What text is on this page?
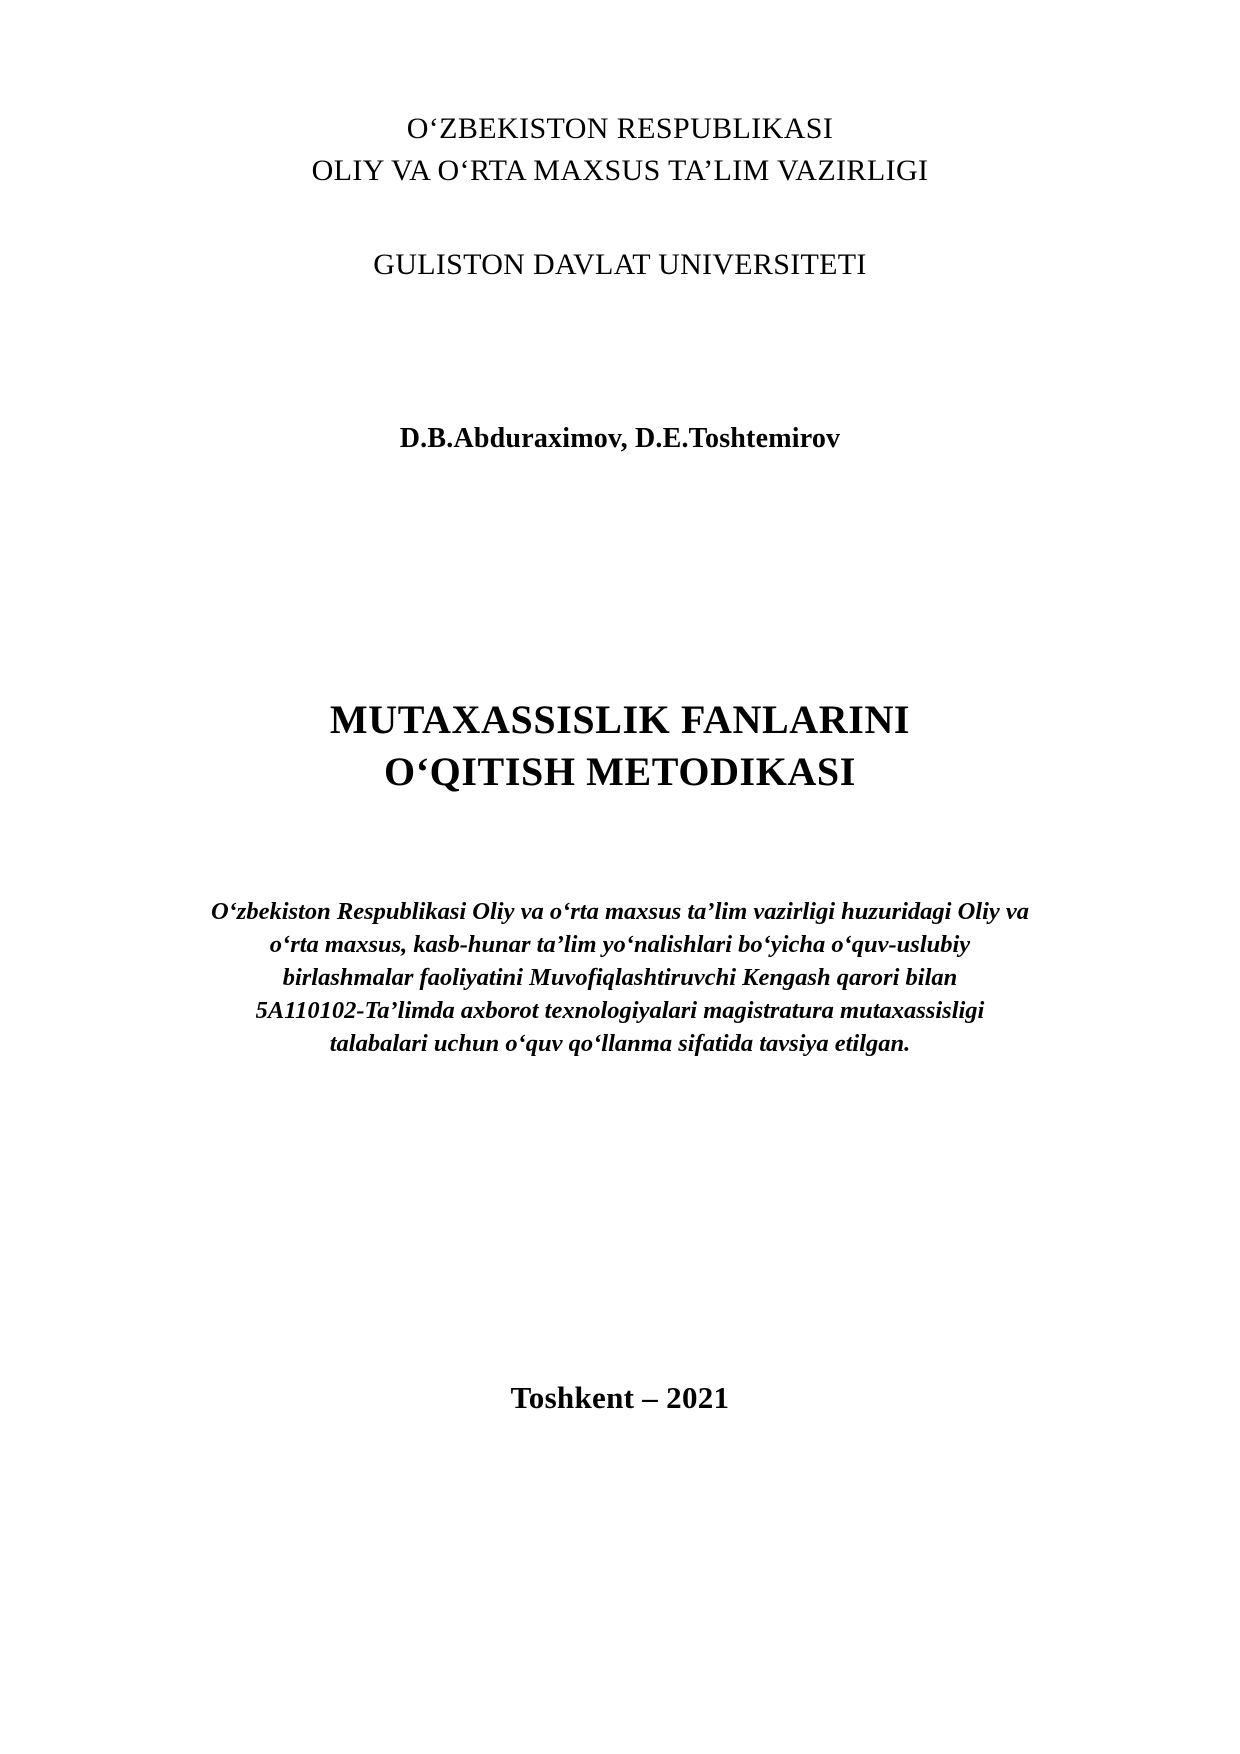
O‘ZBEKISTON RESPUBLIKASI
OLIY VA O‘RTA MAXSUS TA’LIM VAZIRLIGI
GULISTON DAVLAT UNIVERSITETI
D.B.Abduraximov, D.E.Toshtemirov
MUTAXASSISLIK FANLARINI
O‘QITISH METODIKASI
O‘zbekiston Respublikasi Oliy va o‘rta maxsus ta’lim vazirligi huzuridagi Oliy va
o‘rta maxsus, kasb-hunar ta’lim yo‘nalishlari bo‘yicha o‘quv-uslubiy
birlashmalar faoliyatini Muvofiqlashtiruvchi Kengash qarori bilan
5A110102-Ta’limda axborot texnologiyalari magistratura mutaxassisligi
talabalari uchun o‘quv qo‘llanma sifatida tavsiya etilgan.
Toshkent – 2021
